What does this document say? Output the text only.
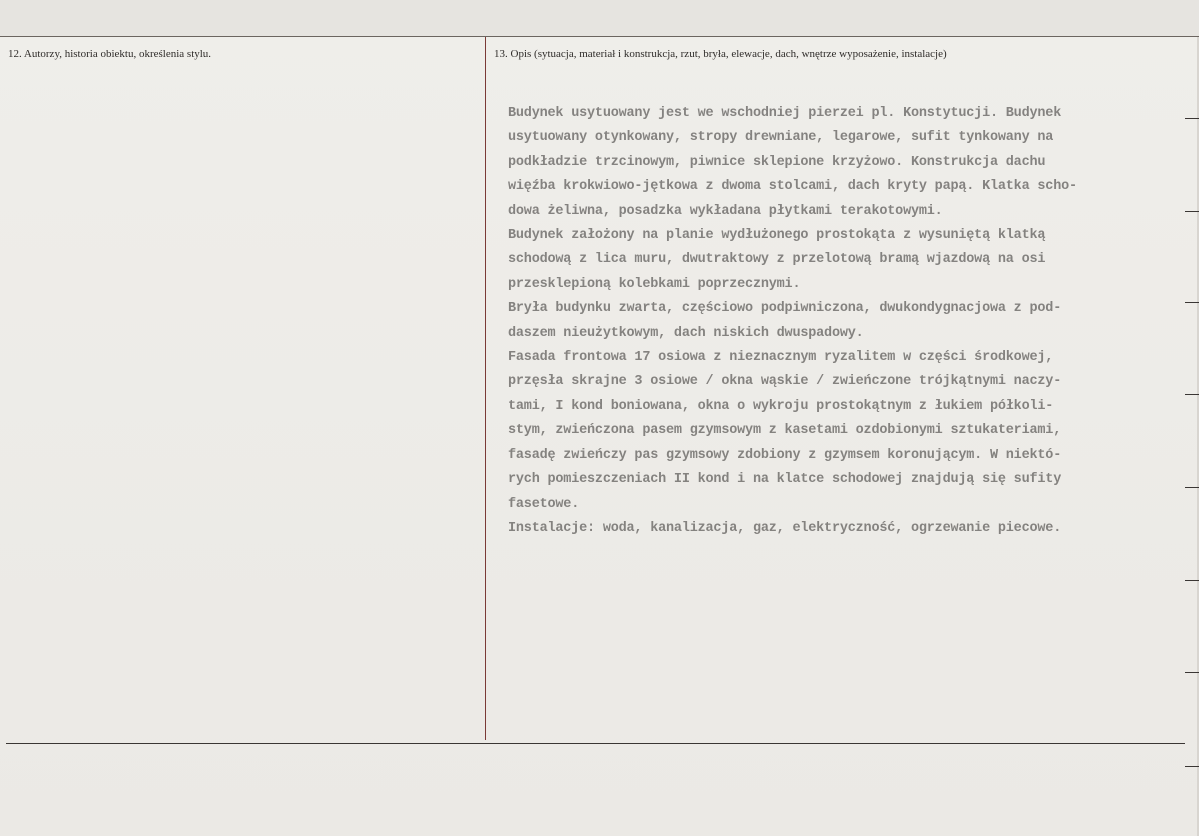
12. Autorzy, historia obiektu, określenia stylu.	13. Opis (sytuacja, materiał i konstrukcja, rzut, bryła, elewacje, dach, wnętrze wyposażenie, instalacje)
Budynek usytuowany jest we wschodniej pierzei pl. Konstytucji. Budynek
usytuowany otynkowany, stropy drewniane, legarowe, sufit tynkowany na
podkładzie trzcinowym, piwnice sklepione krzyżowo. Konstrukcja dachu
więźba krokwiowo-jętkowa z dwoma stolcami, dach kryty papą. Klatka scho-
dowa żeliwna, posadzka wykładana płytkami terakotowymi.
Budynek założony na planie wydłużonego prostokąta z wysuniętą klatką
schodową z lica muru, dwutraktowy z przelotową bramą wjazdową na osi
przesklepioną kolebkami poprzecznymi.
Bryła budynku zwarta, częściowo podpiwniczona, dwukondygnacjowa z pod-
daszem nieużytkowym, dach niskich dwuspadowy.
Fasada frontowa 17 osiowa z nieznacznym ryzalitem w części środkowej,
przęsła skrajne 3 osiowe / okna wąskie / zwieńczone trójkątnymi naczy-
tami, I kond boniowana, okna o wykroju prostokątnym z łukiem półkoli-
stym, zwieńczona pasem gzymsowym z kasetami ozdobionymi sztukateriami,
fasadę zwieńczy pas gzymsowy zdobiony z gzymsem koronującym. W niektó-
rych pomieszczeniach II kond i na klatce schodowej znajdują się sufity
fasetowe.
Instalacje: woda, kanalizacja, gaz, elektryczność, ogrzewanie piecowe.
